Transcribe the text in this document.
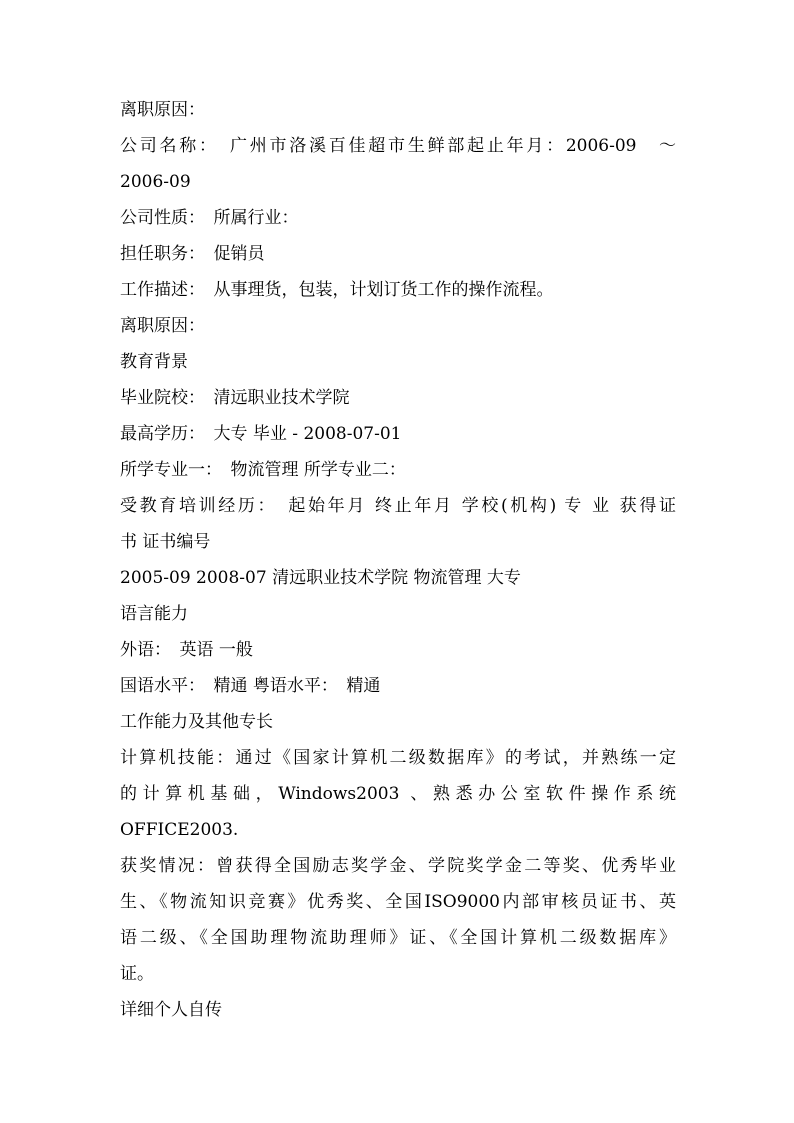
离职原因：
公司名称：　广州市洛溪百佳超市生鲜部起止年月：2006-09　～
2006-09
公司性质：　所属行业：
担任职务：　促销员
工作描述：　从事理货，包装，计划订货工作的操作流程。
离职原因：
教育背景
毕业院校：　清远职业技术学院
最高学历：　大专 毕业 - 2008-07-01
所学专业一：　物流管理 所学专业二：
受教育培训经历：　起始年月 终止年月 学校(机构) 专 业 获得证
书 证书编号
2005-09 2008-07 清远职业技术学院 物流管理 大专
语言能力
外语：　英语 一般
国语水平：　精通 粤语水平：　精通
工作能力及其他专长
计算机技能：通过《国家计算机二级数据库》的考试，并熟练一定
的计算机基础，Windows2003 、熟悉办公室软件操作系统
OFFICE2003.
获奖情况：曾获得全国励志奖学金、学院奖学金二等奖、优秀毕业
生、《物流知识竞赛》优秀奖、全国ISO9000内部审核员证书、英
语二级、《全国助理物流助理师》证、《全国计算机二级数据库》
证。
详细个人自传
